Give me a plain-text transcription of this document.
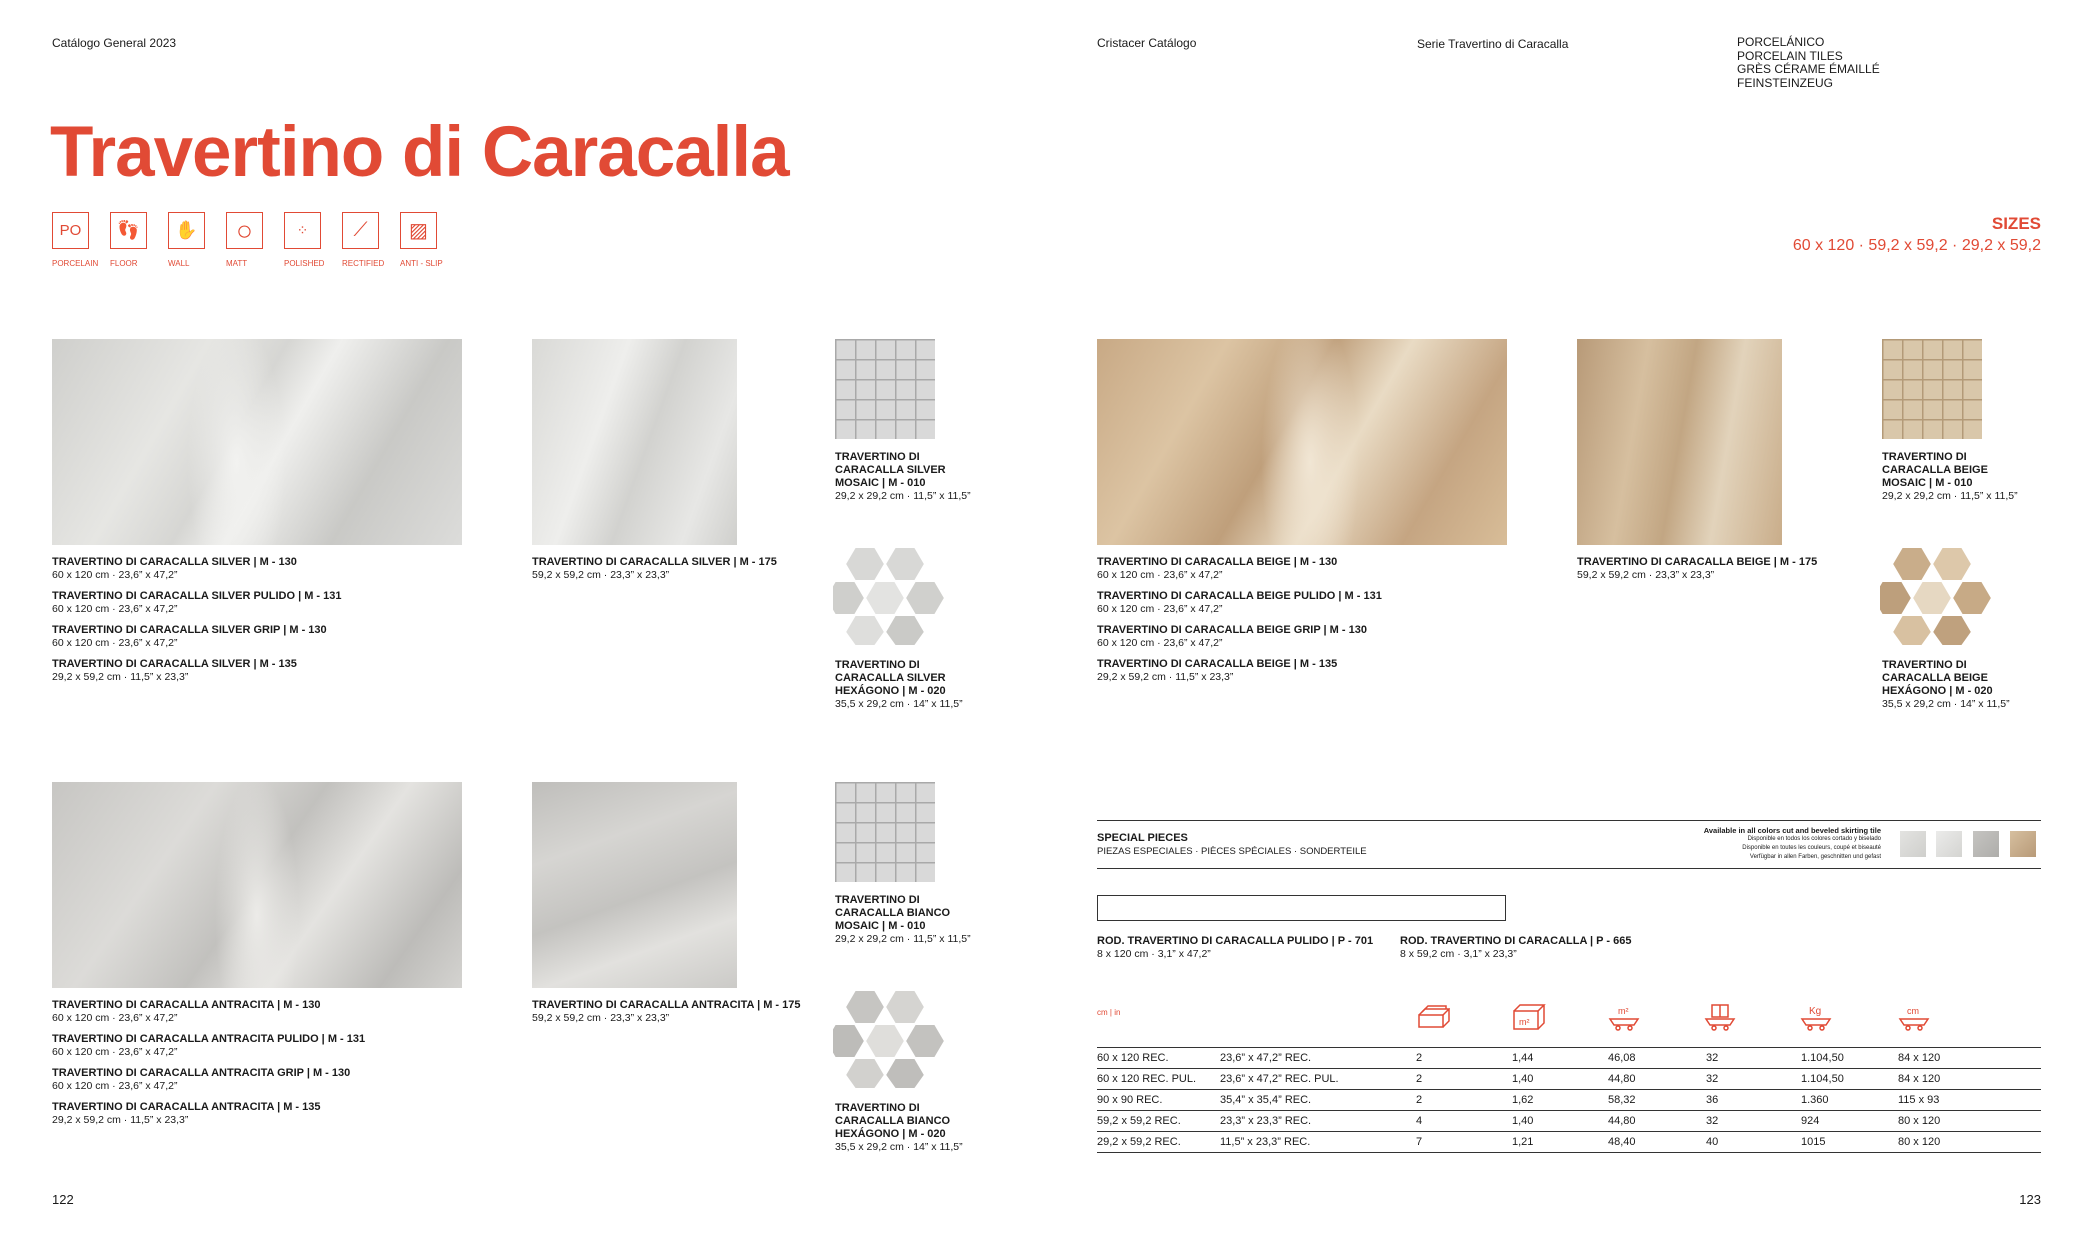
Catálogo General 2023	Cristacer Catálogo	Serie Travertino di Caracalla	PORCELÁNICO
PORCELAIN TILES
GRÈS CÉRAME ÉMAILLÉ
FEINSTEINZEUG
Travertino di Caracalla
PO
PORCELAIN
👣
FLOOR
✋
WALL
○
MATT
⁘
POLISHED
⟋
RECTIFIED
▨
ANTI - SLIP
SIZES
60 x 120 · 59,2 x 59,2 · 29,2 x 59,2
TRAVERTINO DI CARACALLA SILVER | M - 130
60 x 120 cm · 23,6” x 47,2”
TRAVERTINO DI CARACALLA SILVER PULIDO | M - 131
60 x 120 cm · 23,6” x 47,2”
TRAVERTINO DI CARACALLA SILVER GRIP | M - 130
60 x 120 cm · 23,6” x 47,2”
TRAVERTINO DI CARACALLA SILVER | M - 135
29,2 x 59,2 cm · 11,5” x 23,3”
TRAVERTINO DI CARACALLA SILVER | M - 175
59,2 x 59,2 cm · 23,3” x 23,3”
TRAVERTINO DI
CARACALLA SILVER
MOSAIC | M - 010
29,2 x 29,2 cm · 11,5” x 11,5”
TRAVERTINO DI
CARACALLA SILVER
HEXÁGONO | M - 020
35,5 x 29,2 cm · 14” x 11,5”
TRAVERTINO DI CARACALLA ANTRACITA | M - 130
60 x 120 cm · 23,6” x 47,2”
TRAVERTINO DI CARACALLA ANTRACITA PULIDO | M - 131
60 x 120 cm · 23,6” x 47,2”
TRAVERTINO DI CARACALLA ANTRACITA GRIP | M - 130
60 x 120 cm · 23,6” x 47,2”
TRAVERTINO DI CARACALLA ANTRACITA | M - 135
29,2 x 59,2 cm · 11,5” x 23,3”
TRAVERTINO DI CARACALLA ANTRACITA | M - 175
59,2 x 59,2 cm · 23,3” x 23,3”
TRAVERTINO DI
CARACALLA BIANCO
MOSAIC | M - 010
29,2 x 29,2 cm · 11,5” x 11,5”
TRAVERTINO DI
CARACALLA BIANCO
HEXÁGONO | M - 020
35,5 x 29,2 cm · 14” x 11,5”
TRAVERTINO DI CARACALLA BEIGE | M - 130
60 x 120 cm · 23,6” x 47,2”
TRAVERTINO DI CARACALLA BEIGE PULIDO | M - 131
60 x 120 cm · 23,6” x 47,2”
TRAVERTINO DI CARACALLA BEIGE GRIP | M - 130
60 x 120 cm · 23,6” x 47,2”
TRAVERTINO DI CARACALLA BEIGE | M - 135
29,2 x 59,2 cm · 11,5” x 23,3”
TRAVERTINO DI CARACALLA BEIGE | M - 175
59,2 x 59,2 cm · 23,3” x 23,3”
TRAVERTINO DI
CARACALLA BEIGE
MOSAIC | M - 010
29,2 x 29,2 cm · 11,5” x 11,5”
TRAVERTINO DI
CARACALLA BEIGE
HEXÁGONO | M - 020
35,5 x 29,2 cm · 14” x 11,5”
SPECIAL PIECES
PIEZAS ESPECIALES · PIÈCES SPÉCIALES · SONDERTEILE
Available in all colors cut and beveled skirting tile
Disponible en todos los colores cortado y biselado
Disponible en toutes les couleurs, coupé et biseauté
Verfügbar in allen Farben, geschnitten und gefast
ROD. TRAVERTINO DI CARACALLA PULIDO | P - 701
8 x 120 cm · 3,1” x 47,2”
ROD. TRAVERTINO DI CARACALLA | P - 665
8 x 59,2 cm · 3,1” x 23,3”
cm | in
m²
m²	Kg	cm
60 x 120 REC.	23,6” x 47,2” REC.	2	1,44	46,08	32	1.104,50	84 x 120
60 x 120 REC. PUL.	23,6” x 47,2” REC. PUL.	2	1,40	44,80	32	1.104,50	84 x 120
90 x 90 REC.	35,4” x 35,4” REC.	2	1,62	58,32	36	1.360	115 x 93
59,2 x 59,2 REC.	23,3” x 23,3” REC.	4	1,40	44,80	32	924	80 x 120
29,2 x 59,2 REC.	11,5” x 23,3” REC.	7	1,21	48,40	40	1015	80 x 120
122	123
